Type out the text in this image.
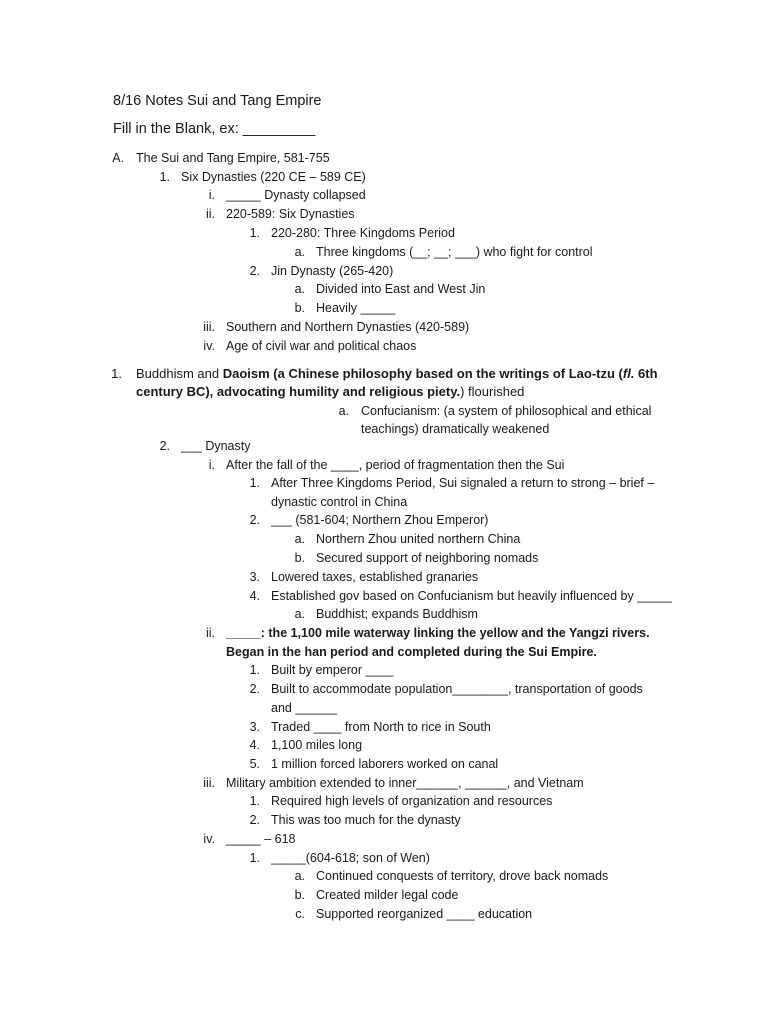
8/16 Notes Sui and Tang Empire
Fill in the Blank, ex: _________
A. The Sui and Tang Empire, 581-755
1. Six Dynasties (220 CE – 589 CE)
i. _____ Dynasty collapsed
ii. 220-589: Six Dynasties
1. 220-280: Three Kingdoms Period
a. Three kingdoms (__; __; ___) who fight for control
2. Jin Dynasty (265-420)
a. Divided into East and West Jin
b. Heavily _____
iii. Southern and Northern Dynasties (420-589)
iv. Age of civil war and political chaos
1. Buddhism and Daoism (a Chinese philosophy based on the writings of Lao-tzu (fl. 6th
century BC), advocating humility and religious piety.) flourished
a. Confucianism: (a system of philosophical and ethical
teachings) dramatically weakened
2. ___ Dynasty
i. After the fall of the ____, period of fragmentation then the Sui
1. After Three Kingdoms Period, Sui signaled a return to strong – brief –
dynastic control in China
2. ___ (581-604; Northern Zhou Emperor)
a. Northern Zhou united northern China
b. Secured support of neighboring nomads
3. Lowered taxes, established granaries
4. Established gov based on Confucianism but heavily influenced by _____
a. Buddhist; expands Buddhism
ii. _____: the 1,100 mile waterway linking the yellow and the Yangzi rivers.
Began in the han period and completed during the Sui Empire.
1. Built by emperor ____
2. Built to accommodate population________, transportation of goods
and ______
3. Traded ____ from North to rice in South
4. 1,100 miles long
5. 1 million forced laborers worked on canal
iii. Military ambition extended to inner______, ______, and Vietnam
1. Required high levels of organization and resources
2. This was too much for the dynasty
iv. _____ – 618
1. _____(604-618; son of Wen)
a. Continued conquests of territory, drove back nomads
b. Created milder legal code
c. Supported reorganized ____ education
